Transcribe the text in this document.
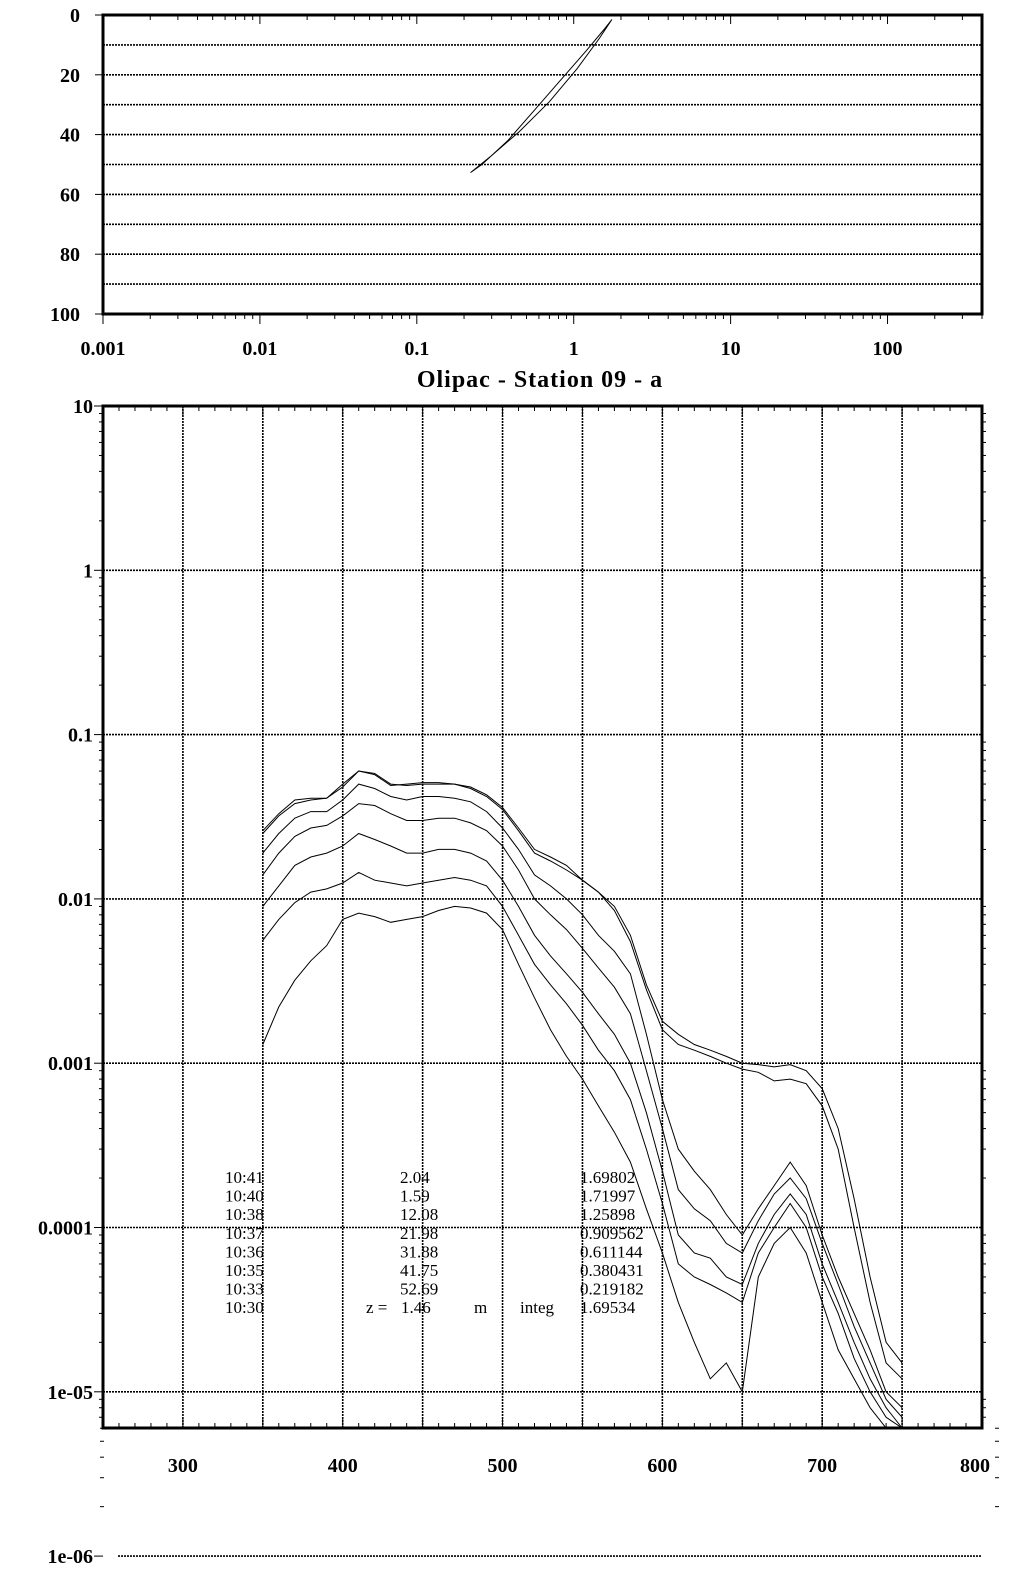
0.001	0.01	0.1	1	10	100
0
20
40
60
80
100
Olipac - Station 09 - a
10
1
0.1
0.01
0.001
0.0001
1e-05
1e-06
300	400	500	600	700	800
10:41	2.04	1.69802
10:40	1.59	1.71997
10:38	12.08	1.25898
10:37	21.98	0.909562
10:36	31.88	0.611144
10:35	41.75	0.380431
10:33	52.69	0.219182
10:30	z = 1.46	m integ 1.69534
